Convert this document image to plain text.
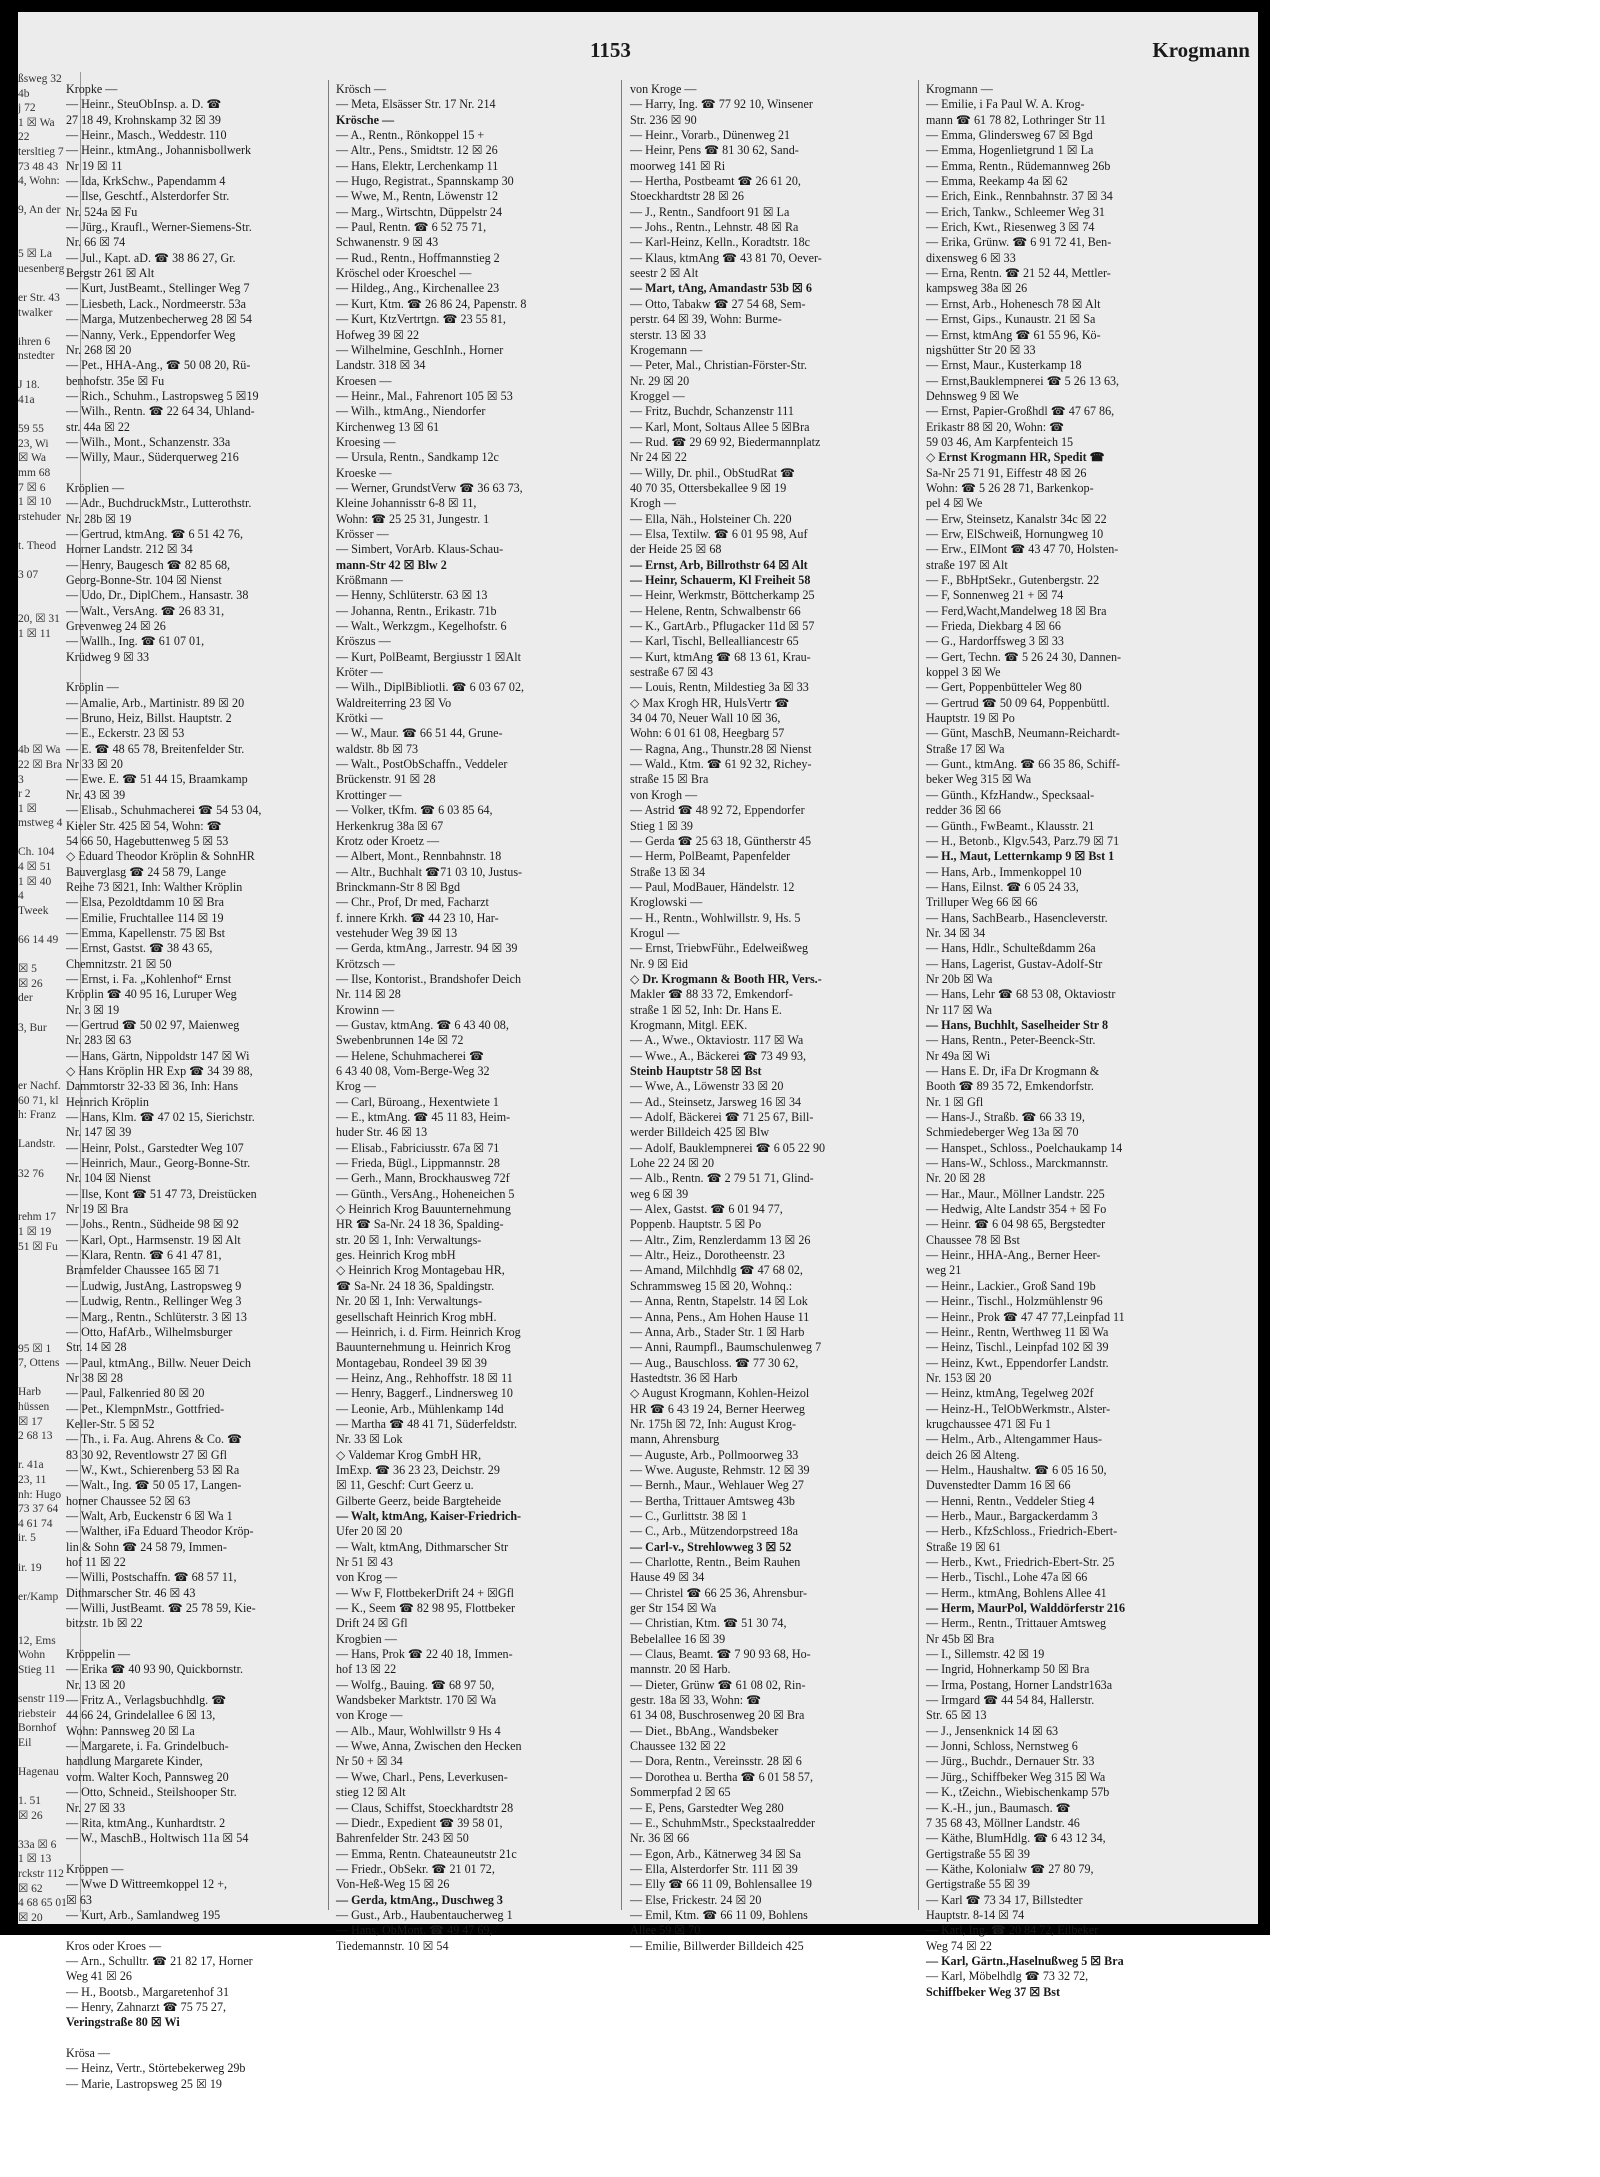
ßsweg 32
4b
j 72
1 ☒ Wa
22
tersltieg 7
73 48 43
4, Wohn:

9, An der

5 ☒ La
uesenberg

er Str. 43
twalker

ihren 6
nstedter

J 18.
41a

59 55
23, Wi
☒ Wa
mm 68
7 ☒ 6
1 ☒ 10
rstehuder

t. Theod

3 07

20, ☒ 31
1 ☒ 11

4b ☒ Wa
22 ☒ Bra
3
r 2
1 ☒
mstweg 4

Ch. 104
4 ☒ 51
1 ☒ 40
4
Tweek

66 14 49

☒ 5
☒ 26
der

3, Bur

er Nachf.
60 71, kl
h: Franz

Landstr.

32 76

rehm 17
1 ☒ 19
51 ☒ Fu

95 ☒ 1
7, Ottens

Harb
hüssen
☒ 17
2 68 13

r. 41a
23, 11
nh: Hugo
73 37 64
4 61 74
ir. 5

ir. 19

er/Kamp

12, Ems
Wohn
Stieg 11

senstr 119
riebsteir
Bornhof
Eil

Hagenau

1. 51
☒ 26

33a ☒ 6
1 ☒ 13
rckstr 112
☒ 62
4 68 65 01
☒ 20
1153	Krogmann
Kropke —
— Heinr., SteuObInsp. a. D. ☎
27 18 49, Krohnskamp 32 ☒ 39
— Heinr., Masch., Weddestr. 110
— Heinr., ktmAng., Johannisbollwerk
Nr 19 ☒ 11
— Ida, KrkSchw., Papendamm 4
— Ilse, Geschtf., Alsterdorfer Str.
Nr. 524a ☒ Fu
— Jürg., Kraufl., Werner-Siemens-Str.
Nr. 66 ☒ 74
— Jul., Kapt. aD. ☎ 38 86 27, Gr.
Bergstr 261 ☒ Alt
— Kurt, JustBeamt., Stellinger Weg 7
— Liesbeth, Lack., Nordmeerstr. 53a
— Marga, Mutzenbecherweg 28 ☒ 54
— Nanny, Verk., Eppendorfer Weg
Nr. 268 ☒ 20
— Pet., HHA-Ang., ☎ 50 08 20, Rü-
benhofstr. 35e ☒ Fu
— Rich., Schuhm., Lastropsweg 5 ☒19
— Wilh., Rentn. ☎ 22 64 34, Uhland-
str. 44a ☒ 22
— Wilh., Mont., Schanzenstr. 33a
— Willy, Maur., Süderquerweg 216

Kröplien —
— Adr., BuchdruckMstr., Lutterothstr.
Nr. 28b ☒ 19
— Gertrud, ktmAng. ☎ 6 51 42 76,
Horner Landstr. 212 ☒ 34
— Henry, Baugesch ☎ 82 85 68,
Georg-Bonne-Str. 104 ☒ Nienst
— Udo, Dr., DiplChem., Hansastr. 38
— Walt., VersAng. ☎ 26 83 31,
Grevenweg 24 ☒ 26
— Wallh., Ing. ☎ 61 07 01,
Krüdweg 9 ☒ 33

Kröplin —
— Amalie, Arb., Martinistr. 89 ☒ 20
— Bruno, Heiz, Billst. Hauptstr. 2
— E., Eckerstr. 23 ☒ 53
— E. ☎ 48 65 78, Breitenfelder Str.
Nr 33 ☒ 20
— Ewe. E. ☎ 51 44 15, Braamkamp
Nr. 43 ☒ 39
— Elisab., Schuhmacherei ☎ 54 53 04,
Kieler Str. 425 ☒ 54, Wohn: ☎
54 66 50, Hagebuttenweg 5 ☒ 53
◇ Eduard Theodor Kröplin & SohnHR
Bauverglasg ☎ 24 58 79, Lange
Reihe 73 ☒21, Inh: Walther Kröplin
— Elsa, Pezoldtdamm 10 ☒ Bra
— Emilie, Fruchtallee 114 ☒ 19
— Emma, Kapellenstr. 75 ☒ Bst
— Ernst, Gastst. ☎ 38 43 65,
Chemnitzstr. 21 ☒ 50
— Ernst, i. Fa. „Kohlenhof“ Ernst
Kröplin ☎ 40 95 16, Luruper Weg
Nr. 3 ☒ 19
— Gertrud ☎ 50 02 97, Maienweg
Nr. 283 ☒ 63
— Hans, Gärtn, Nippoldstr 147 ☒ Wi
◇ Hans Kröplin HR Exp ☎ 34 39 88,
Dammtorstr 32-33 ☒ 36, Inh: Hans
Heinrich Kröplin
— Hans, Klm. ☎ 47 02 15, Sierichstr.
Nr. 147 ☒ 39
— Heinr, Polst., Garstedter Weg 107
— Heinrich, Maur., Georg-Bonne-Str.
Nr. 104 ☒ Nienst
— Ilse, Kont ☎ 51 47 73, Dreistücken
Nr 19 ☒ Bra
— Johs., Rentn., Südheide 98 ☒ 92
— Karl, Opt., Harmsenstr. 19 ☒ Alt
— Klara, Rentn. ☎ 6 41 47 81,
Bramfelder Chaussee 165 ☒ 71
— Ludwig, JustAng, Lastropsweg 9
— Ludwig, Rentn., Rellinger Weg 3
— Marg., Rentn., Schlüterstr. 3 ☒ 13
— Otto, HafArb., Wilhelmsburger
Str. 14 ☒ 28
— Paul, ktmAng., Billw. Neuer Deich
Nr 38 ☒ 28
— Paul, Falkenried 80 ☒ 20
— Pet., KlempnMstr., Gottfried-
Keller-Str. 5 ☒ 52
— Th., i. Fa. Aug. Ahrens & Co. ☎
83 30 92, Reventlowstr 27 ☒ Gfl
— W., Kwt., Schierenberg 53 ☒ Ra
— Walt., Ing. ☎ 50 05 17, Langen-
horner Chaussee 52 ☒ 63
— Walt, Arb, Euckenstr 6 ☒ Wa 1
— Walther, iFa Eduard Theodor Kröp-
lin & Sohn ☎ 24 58 79, Immen-
hof 11 ☒ 22
— Willi, Postschaffn. ☎ 68 57 11,
Dithmarscher Str. 46 ☒ 43
— Willi, JustBeamt. ☎ 25 78 59, Kie-
bitzstr. 1b ☒ 22

Kröppelin —
— Erika ☎ 40 93 90, Quickbornstr.
Nr. 13 ☒ 20
— Fritz A., Verlagsbuchhdlg. ☎
44 66 24, Grindelallee 6 ☒ 13,
Wohn: Pannsweg 20 ☒ La
— Margarete, i. Fa. Grindelbuch-
handlung Margarete Kinder,
vorm. Walter Koch, Pannsweg 20
— Otto, Schneid., Steilshooper Str.
Nr. 27 ☒ 33
— Rita, ktmAng., Kunhardtstr. 2
— W., MaschB., Holtwisch 11a ☒ 54

Kröppen —
— Wwe D Wittreemkoppel 12 +,
☒ 63
— Kurt, Arb., Samlandweg 195

Kros oder Kroes —
— Arn., Schulltr. ☎ 21 82 17, Horner
Weg 41 ☒ 26
— H., Bootsb., Margaretenhof 31
— Henry, Zahnarzt ☎ 75 75 27,
Veringstraße 80 ☒ Wi

Krösa —
— Heinz, Vertr., Störtebekerweg 29b
— Marie, Lastropsweg 25 ☒ 19
Krösch —
— Meta, Elsässer Str. 17 Nr. 214
Krösche —
— A., Rentn., Rönkoppel 15 +
— Altr., Pens., Smidtstr. 12 ☒ 26
— Hans, Elektr, Lerchenkamp 11
— Hugo, Registrat., Spannskamp 30
— Wwe, M., Rentn, Löwenstr 12
— Marg., Wirtschtn, Düppelstr 24
— Paul, Rentn. ☎ 6 52 75 71,
Schwanenstr. 9 ☒ 43
— Rud., Rentn., Hoffmannstieg 2
Kröschel oder Kroeschel —
— Hildeg., Ang., Kirchenallee 23
— Kurt, Ktm. ☎ 26 86 24, Papenstr. 8
— Kurt, KtzVertrtgn. ☎ 23 55 81,
Hofweg 39 ☒ 22
— Wilhelmine, GeschInh., Horner
Landstr. 318 ☒ 34
Kroesen —
— Heinr., Mal., Fahrenort 105 ☒ 53
— Wilh., ktmAng., Niendorfer
Kirchenweg 13 ☒ 61
Kroesing —
— Ursula, Rentn., Sandkamp 12c
Kroeske —
— Werner, GrundstVerw ☎ 36 63 73,
Kleine Johannisstr 6-8 ☒ 11,
Wohn: ☎ 25 25 31, Jungestr. 1
Krösser —
— Simbert, VorArb. Klaus-Schau-
mann-Str 42 ☒ Blw 2
Krößmann —
— Henny, Schlüterstr. 63 ☒ 13
— Johanna, Rentn., Erikastr. 71b
— Walt., Werkzgm., Kegelhofstr. 6
Kröszus —
— Kurt, PolBeamt, Bergiusstr 1 ☒Alt
Kröter —
— Wilh., DiplBibliotli. ☎ 6 03 67 02,
Waldreiterring 23 ☒ Vo
Krötki —
— W., Maur. ☎ 66 51 44, Grune-
waldstr. 8b ☒ 73
— Walt., PostObSchaffn., Veddeler
Brückenstr. 91 ☒ 28
Krottinger —
— Volker, tKfm. ☎ 6 03 85 64,
Herkenkrug 38a ☒ 67
Krotz oder Kroetz —
— Albert, Mont., Rennbahnstr. 18
— Altr., Buchhalt ☎71 03 10, Justus-
Brinckmann-Str 8 ☒ Bgd
— Chr., Prof, Dr med, Facharzt
f. innere Krkh. ☎ 44 23 10, Har-
vestehuder Weg 39 ☒ 13
— Gerda, ktmAng., Jarrestr. 94 ☒ 39
Krötzsch —
— Ilse, Kontorist., Brandshofer Deich
Nr. 114 ☒ 28
Krowinn —
— Gustav, ktmAng. ☎ 6 43 40 08,
Swebenbrunnen 14e ☒ 72
— Helene, Schuhmacherei ☎
6 43 40 08, Vom-Berge-Weg 32
Krog —
— Carl, Büroang., Hexentwiete 1
— E., ktmAng. ☎ 45 11 83, Heim-
huder Str. 46 ☒ 13
— Elisab., Fabriciusstr. 67a ☒ 71
— Frieda, Bügl., Lippmannstr. 28
— Gerh., Mann, Brockhausweg 72f
— Günth., VersAng., Hoheneichen 5
◇ Heinrich Krog Bauunternehmung
HR ☎ Sa-Nr. 24 18 36, Spalding-
str. 20 ☒ 1, Inh: Verwaltungs-
ges. Heinrich Krog mbH
◇ Heinrich Krog Montagebau HR,
☎ Sa-Nr. 24 18 36, Spaldingstr.
Nr. 20 ☒ 1, Inh: Verwaltungs-
gesellschaft Heinrich Krog mbH.
— Heinrich, i. d. Firm. Heinrich Krog
Bauunternehmung u. Heinrich Krog
Montagebau, Rondeel 39 ☒ 39
— Heinz, Ang., Rehhoffstr. 18 ☒ 11
— Henry, Baggerf., Lindnersweg 10
— Leonie, Arb., Mühlenkamp 14d
— Martha ☎ 48 41 71, Süderfeldstr.
Nr. 33 ☒ Lok
◇ Valdemar Krog GmbH HR,
ImExp. ☎ 36 23 23, Deichstr. 29
☒ 11, Geschf: Curt Geerz u.
Gilberte Geerz, beide Bargteheide
— Walt, ktmAng, Kaiser-Friedrich-
Ufer 20 ☒ 20
— Walt, ktmAng, Dithmarscher Str
Nr 51 ☒ 43
von Krog —
— Ww F, FlottbekerDrift 24 + ☒Gfl
— K., Seem ☎ 82 98 95, Flottbeker
Drift 24 ☒ Gfl
Krogbien —
— Hans, Prok ☎ 22 40 18, Immen-
hof 13 ☒ 22
— Wolfg., Bauing. ☎ 68 97 50,
Wandsbeker Marktstr. 170 ☒ Wa
von Kroge —
— Alb., Maur, Wohlwillstr 9 Hs 4
— Wwe, Anna, Zwischen den Hecken
Nr 50 + ☒ 34
— Wwe, Charl., Pens, Leverkusen-
stieg 12 ☒ Alt
— Claus, Schiffst, Stoeckhardtstr 28
— Diedr., Expedient ☎ 39 58 01,
Bahrenfelder Str. 243 ☒ 50
— Emma, Rentn. Chateauneutstr 21c
— Friedr., ObSekr. ☎ 21 01 72,
Von-Heß-Weg 15 ☒ 26
— Gerda, ktmAng., Duschweg 3
— Gust., Arb., Haubentaucherweg 1
— Hans, ObMont. ☎ 49 47 69,
Tiedemannstr. 10 ☒ 54
von Kroge —
— Harry, Ing. ☎ 77 92 10, Winsener
Str. 236 ☒ 90
— Heinr., Vorarb., Dünenweg 21
— Heinr, Pens ☎ 81 30 62, Sand-
moorweg 141 ☒ Ri
— Hertha, Postbeamt ☎ 26 61 20,
Stoeckhardtstr 28 ☒ 26
— J., Rentn., Sandfoort 91 ☒ La
— Johs., Rentn., Lehnstr. 48 ☒ Ra
— Karl-Heinz, Kelln., Koradtstr. 18c
— Klaus, ktmAng ☎ 43 81 70, Oever-
seestr 2 ☒ Alt
— Mart, tAng, Amandastr 53b ☒ 6
— Otto, Tabakw ☎ 27 54 68, Sem-
perstr. 64 ☒ 39, Wohn: Burme-
sterstr. 13 ☒ 33
Krogemann —
— Peter, Mal., Christian-Förster-Str.
Nr. 29 ☒ 20
Kroggel —
— Fritz, Buchdr, Schanzenstr 111
— Karl, Mont, Soltaus Allee 5 ☒Bra
— Rud. ☎ 29 69 92, Biedermannplatz
Nr 24 ☒ 22
— Willy, Dr. phil., ObStudRat ☎
40 70 35, Ottersbekallee 9 ☒ 19
Krogh —
— Ella, Näh., Holsteiner Ch. 220
— Elsa, Textilw. ☎ 6 01 95 98, Auf
der Heide 25 ☒ 68
— Ernst, Arb, Billrothstr 64 ☒ Alt
— Heinr, Schauerm, Kl Freiheit 58
— Heinr, Werkmstr, Böttcherkamp 25
— Helene, Rentn, Schwalbenstr 66
— K., GartArb., Pflugacker 11d ☒ 57
— Karl, Tischl, Belleallianсestr 65
— Kurt, ktmAng ☎ 68 13 61, Krau-
sestraße 67 ☒ 43
— Louis, Rentn, Mildestieg 3a ☒ 33
◇ Max Krogh HR, HulsVertr ☎
34 04 70, Neuer Wall 10 ☒ 36,
Wohn: 6 01 61 08, Heegbarg 57
— Ragna, Ang., Thunstr.28 ☒ Nienst
— Wald., Ktm. ☎ 61 92 32, Richey-
straße 15 ☒ Bra
von Krogh —
— Astrid ☎ 48 92 72, Eppendorfer
Stieg 1 ☒ 39
— Gerda ☎ 25 63 18, Güntherstr 45
— Herm, PolBeamt, Papenfelder
Straße 13 ☒ 34
— Paul, ModBauer, Händelstr. 12
Kroglowski —
— H., Rentn., Wohlwillstr. 9, Hs. 5
Krogul —
— Ernst, TriebwFühr., Edelweißweg
Nr. 9 ☒ Eid
◇ Dr. Krogmann & Booth HR, Vers.-
Makler ☎ 88 33 72, Emkendorf-
straße 1 ☒ 52, Inh: Dr. Hans E.
Krogmann, Mitgl. EEK.
— A., Wwe., Oktaviostr. 117 ☒ Wa
— Wwe., A., Bäckerei ☎ 73 49 93,
Steinb Hauptstr 58 ☒ Bst
— Wwe, A., Löwenstr 33 ☒ 20
— Ad., Steinsetz, Jarsweg 16 ☒ 34
— Adolf, Bäckerei ☎ 71 25 67, Bill-
werder Billdeich 425 ☒ Blw
— Adolf, Bauklempnerei ☎ 6 05 22 90
Lohe 22 24 ☒ 20
— Alb., Rentn. ☎ 2 79 51 71, Glind-
weg 6 ☒ 39
— Alex, Gastst. ☎ 6 01 94 77,
Poppenb. Hauptstr. 5 ☒ Po
— Altr., Zim, Renzlerdamm 13 ☒ 26
— Altr., Heiz., Dorotheenstr. 23
— Amand, Milchhdlg ☎ 47 68 02,
Schrammsweg 15 ☒ 20, Wohnq.:
— Anna, Rentn, Stapelstr. 14 ☒ Lok
— Anna, Pens., Am Hohen Hause 11
— Anna, Arb., Stader Str. 1 ☒ Harb
— Anni, Raumpfl., Baumschulenweg 7
— Aug., Bauschloss. ☎ 77 30 62,
Hastedtstr. 36 ☒ Harb
◇ August Krogmann, Kohlen-Heizol
HR ☎ 6 43 19 24, Berner Heerweg
Nr. 175h ☒ 72, Inh: August Krog-
mann, Ahrensburg
— Auguste, Arb., Pollmoorweg 33
— Wwe. Auguste, Rehmstr. 12 ☒ 39
— Bernh., Maur., Wehlauer Weg 27
— Bertha, Trittauer Amtsweg 43b
— C., Gurlittstr. 38 ☒ 1
— C., Arb., Mützendorpstreed 18a
— Carl-v., Strehlowweg 3 ☒ 52
— Charlotte, Rentn., Beim Rauhen
Hause 49 ☒ 34
— Christel ☎ 66 25 36, Ahrensbur-
ger Str 154 ☒ Wa
— Christian, Ktm. ☎ 51 30 74,
Bebelallee 16 ☒ 39
— Claus, Beamt. ☎ 7 90 93 68, Ho-
mannstr. 20 ☒ Harb.
— Dieter, Grünw ☎ 61 08 02, Rin-
gestr. 18a ☒ 33, Wohn: ☎
61 34 08, Buschrosenweg 20 ☒ Bra
— Diet., BbAng., Wandsbeker
Chaussee 132 ☒ 22
— Dora, Rentn., Vereinsstr. 28 ☒ 6
— Dorothea u. Bertha ☎ 6 01 58 57,
Sommerpfad 2 ☒ 65
— E, Pens, Garstedter Weg 280
— E., SchuhmMstr., Speckstaalredder
Nr. 36 ☒ 66
— Egon, Arb., Kätnerweg 34 ☒ Sa
— Ella, Alsterdorfer Str. 111 ☒ 39
— Elly ☎ 66 11 09, Bohlensallee 19
— Else, Frickestr. 24 ☒ 20
— Emil, Ktm. ☎ 66 11 09, Bohlens
Allee 59 ☒ 70
— Emilie, Billwerder Billdeich 425
Krogmann —
— Emilie, i Fa Paul W. A. Krog-
mann ☎ 61 78 82, Lothringer Str 11
— Emma, Glindersweg 67 ☒ Bgd
— Emma, Hogenlietgrund 1 ☒ La
— Emma, Rentn., Rüdemannweg 26b
— Emma, Reekamp 4a ☒ 62
— Erich, Eink., Rennbahnstr. 37 ☒ 34
— Erich, Tankw., Schleemer Weg 31
— Erich, Kwt., Riesenweg 3 ☒ 74
— Erika, Grünw. ☎ 6 91 72 41, Ben-
dixensweg 6 ☒ 33
— Erna, Rentn. ☎ 21 52 44, Mettler-
kampsweg 38a ☒ 26
— Ernst, Arb., Hohenesch 78 ☒ Alt
— Ernst, Gips., Kunaustr. 21 ☒ Sa
— Ernst, ktmAng ☎ 61 55 96, Kö-
nigshütter Str 20 ☒ 33
— Ernst, Maur., Kusterkamp 18
— Ernst,Bauklempnerei ☎ 5 26 13 63,
Dehnsweg 9 ☒ We
— Ernst, Papier-Großhdl ☎ 47 67 86,
Erikastr 88 ☒ 20, Wohn: ☎
59 03 46, Am Karpfenteich 15
◇ Ernst Krogmann HR, Spedit ☎
Sa-Nr 25 71 91, Eiffestr 48 ☒ 26
Wohn: ☎ 5 26 28 71, Barkenkop-
pel 4 ☒ We
— Erw, Steinsetz, Kanalstr 34c ☒ 22
— Erw, ElSchweiß, Hornungweg 10
— Erw., EIMont ☎ 43 47 70, Holsten-
straße 197 ☒ Alt
— F., BbHptSekr., Gutenbergstr. 22
— F, Sonnenweg 21 + ☒ 74
— Ferd,Wacht,Mandelweg 18 ☒ Bra
— Frieda, Diekbarg 4 ☒ 66
— G., Hardorffsweg 3 ☒ 33
— Gert, Techn. ☎ 5 26 24 30, Dannen-
koppel 3 ☒ We
— Gert, Poppenbütteler Weg 80
— Gertrud ☎ 50 09 64, Poppenbüttl.
Hauptstr. 19 ☒ Po
— Günt, MaschB, Neumann-Reichardt-
Straße 17 ☒ Wa
— Gunt., ktmAng. ☎ 66 35 86, Schiff-
beker Weg 315 ☒ Wa
— Günth., KfzHandw., Specksaal-
redder 36 ☒ 66
— Günth., FwBeamt., Klausstr. 21
— H., Betonb., Klgv.543, Parz.79 ☒ 71
— H., Maut, Letternkamp 9 ☒ Bst 1
— Hans, Arb., Immenkoppel 10
— Hans, Eilnst. ☎ 6 05 24 33,
Trilluper Weg 66 ☒ 66
— Hans, SachBearb., Hasencleverstr.
Nr. 34 ☒ 34
— Hans, Hdlr., Schulteßdamm 26a
— Hans, Lagerist, Gustav-Adolf-Str
Nr 20b ☒ Wa
— Hans, Lehr ☎ 68 53 08, Oktaviostr
Nr 117 ☒ Wa
— Hans, Buchhlt, Saselheider Str 8
— Hans, Rentn., Peter-Beenck-Str.
Nr 49a ☒ Wi
— Hans E. Dr, iFa Dr Krogmann &
Booth ☎ 89 35 72, Emkendorfstr.
Nr. 1 ☒ Gfl
— Hans-J., Straßb. ☎ 66 33 19,
Schmiedeberger Weg 13a ☒ 70
— Hanspet., Schloss., Poelchaukamp 14
— Hans-W., Schloss., Marckmannstr.
Nr. 20 ☒ 28
— Har., Maur., Möllner Landstr. 225
— Hedwig, Alte Landstr 354 + ☒ Fo
— Heinr. ☎ 6 04 98 65, Bergstedter
Chaussee 78 ☒ Bst
— Heinr., HHA-Ang., Berner Heer-
weg 21
— Heinr., Lackier., Groß Sand 19b
— Heinr., Tischl., Holzmühlenstr 96
— Heinr., Prok ☎ 47 47 77,Leinpfad 11
— Heinr., Rentn, Werthweg 11 ☒ Wa
— Heinz, Tischl., Leinpfad 102 ☒ 39
— Heinz, Kwt., Eppendorfer Landstr.
Nr. 153 ☒ 20
— Heinz, ktmAng, Tegelweg 202f
— Heinz-H., TelObWerkmstr., Alster-
krugchaussee 471 ☒ Fu 1
— Helm., Arb., Altengammer Haus-
deich 26 ☒ Alteng.
— Helm., Haushaltw. ☎ 6 05 16 50,
Duvenstedter Damm 16 ☒ 66
— Henni, Rentn., Veddeler Stieg 4
— Herb., Maur., Bargackerdamm 3
— Herb., KfzSchloss., Friedrich-Ebert-
Straße 19 ☒ 61
— Herb., Kwt., Friedrich-Ebert-Str. 25
— Herb., Tischl., Lohe 47a ☒ 66
— Herm., ktmAng, Bohlens Allee 41
— Herm, MaurPol, Walddörferstr 216
— Herm., Rentn., Trittauer Amtsweg
Nr 45b ☒ Bra
— I., Sillemstr. 42 ☒ 19
— Ingrid, Hohnerkamp 50 ☒ Bra
— Irma, Postang, Horner Landstr163a
— Irmgard ☎ 44 54 84, Hallerstr.
Str. 65 ☒ 13
— J., Jensenknick 14 ☒ 63
— Jonni, Schloss, Nernstweg 6
— Jürg., Buchdr., Dernauer Str. 33
— Jürg., Schiffbeker Weg 315 ☒ Wa
— K., tZeichn., Wiebischenkamp 57b
— K.-H., jun., Baumasch. ☎
7 35 68 43, Möllner Landstr. 46
— Käthe, BlumHdlg. ☎ 6 43 12 34,
Gertigstraße 55 ☒ 39
— Käthe, Kolonialw ☎ 27 80 79,
Gertigstraße 55 ☒ 39
— Karl ☎ 73 34 17, Billstedter
Hauptstr. 8-14 ☒ 74
— Karl, Ing. ☎ 20 84 72, Eilbeker
Weg 74 ☒ 22
— Karl, Gärtn.,Haselnußweg 5 ☒ Bra
— Karl, Möbelhdlg ☎ 73 32 72,
Schiffbeker Weg 37 ☒ Bst
